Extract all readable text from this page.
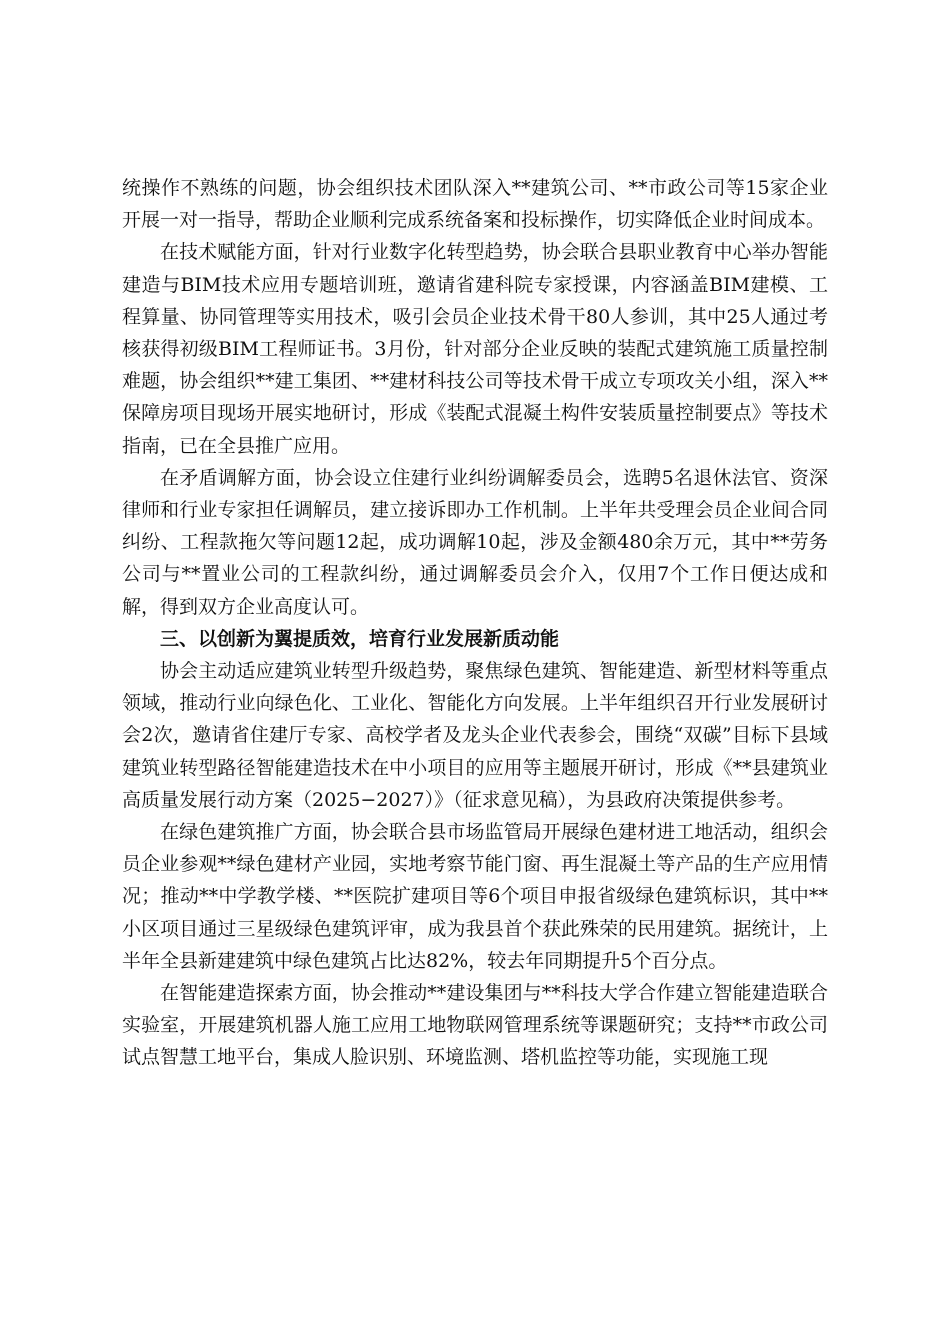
统操作不熟练的问题，协会组织技术团队深入**建筑公司、**市政公司等15家企业开展一对一指导，帮助企业顺利完成系统备案和投标操作，切实降低企业时间成本。

在技术赋能方面，针对行业数字化转型趋势，协会联合县职业教育中心举办智能建造与BIM技术应用专题培训班，邀请省建科院专家授课，内容涵盖BIM建模、工程算量、协同管理等实用技术，吸引会员企业技术骨干80人参训，其中25人通过考核获得初级BIM工程师证书。3月份，针对部分企业反映的装配式建筑施工质量控制难题，协会组织**建工集团、**建材科技公司等技术骨干成立专项攻关小组，深入**保障房项目现场开展实地研讨，形成《装配式混凝土构件安装质量控制要点》等技术指南，已在全县推广应用。

在矛盾调解方面，协会设立住建行业纠纷调解委员会，选聘5名退休法官、资深律师和行业专家担任调解员，建立接诉即办工作机制。上半年共受理会员企业间合同纠纷、工程款拖欠等问题12起，成功调解10起，涉及金额480余万元，其中**劳务公司与**置业公司的工程款纠纷，通过调解委员会介入，仅用7个工作日便达成和解，得到双方企业高度认可。

三、以创新为翼提质效，培育行业发展新质动能

协会主动适应建筑业转型升级趋势，聚焦绿色建筑、智能建造、新型材料等重点领域，推动行业向绿色化、工业化、智能化方向发展。上半年组织召开行业发展研讨会2次，邀请省住建厅专家、高校学者及龙头企业代表参会，围绕“双碳”目标下县域建筑业转型路径智能建造技术在中小项目的应用等主题展开研讨，形成《**县建筑业高质量发展行动方案（2025−2027）》（征求意见稿），为县政府决策提供参考。

在绿色建筑推广方面，协会联合县市场监管局开展绿色建材进工地活动，组织会员企业参观**绿色建材产业园，实地考察节能门窗、再生混凝土等产品的生产应用情况；推动**中学教学楼、**医院扩建项目等6个项目申报省级绿色建筑标识，其中**小区项目通过三星级绿色建筑评审，成为我县首个获此殊荣的民用建筑。据统计，上半年全县新建建筑中绿色建筑占比达82%，较去年同期提升5个百分点。

在智能建造探索方面，协会推动**建设集团与**科技大学合作建立智能建造联合实验室，开展建筑机器人施工应用工地物联网管理系统等课题研究；支持**市政公司试点智慧工地平台，集成人脸识别、环境监测、塔机监控等功能，实现施工现
